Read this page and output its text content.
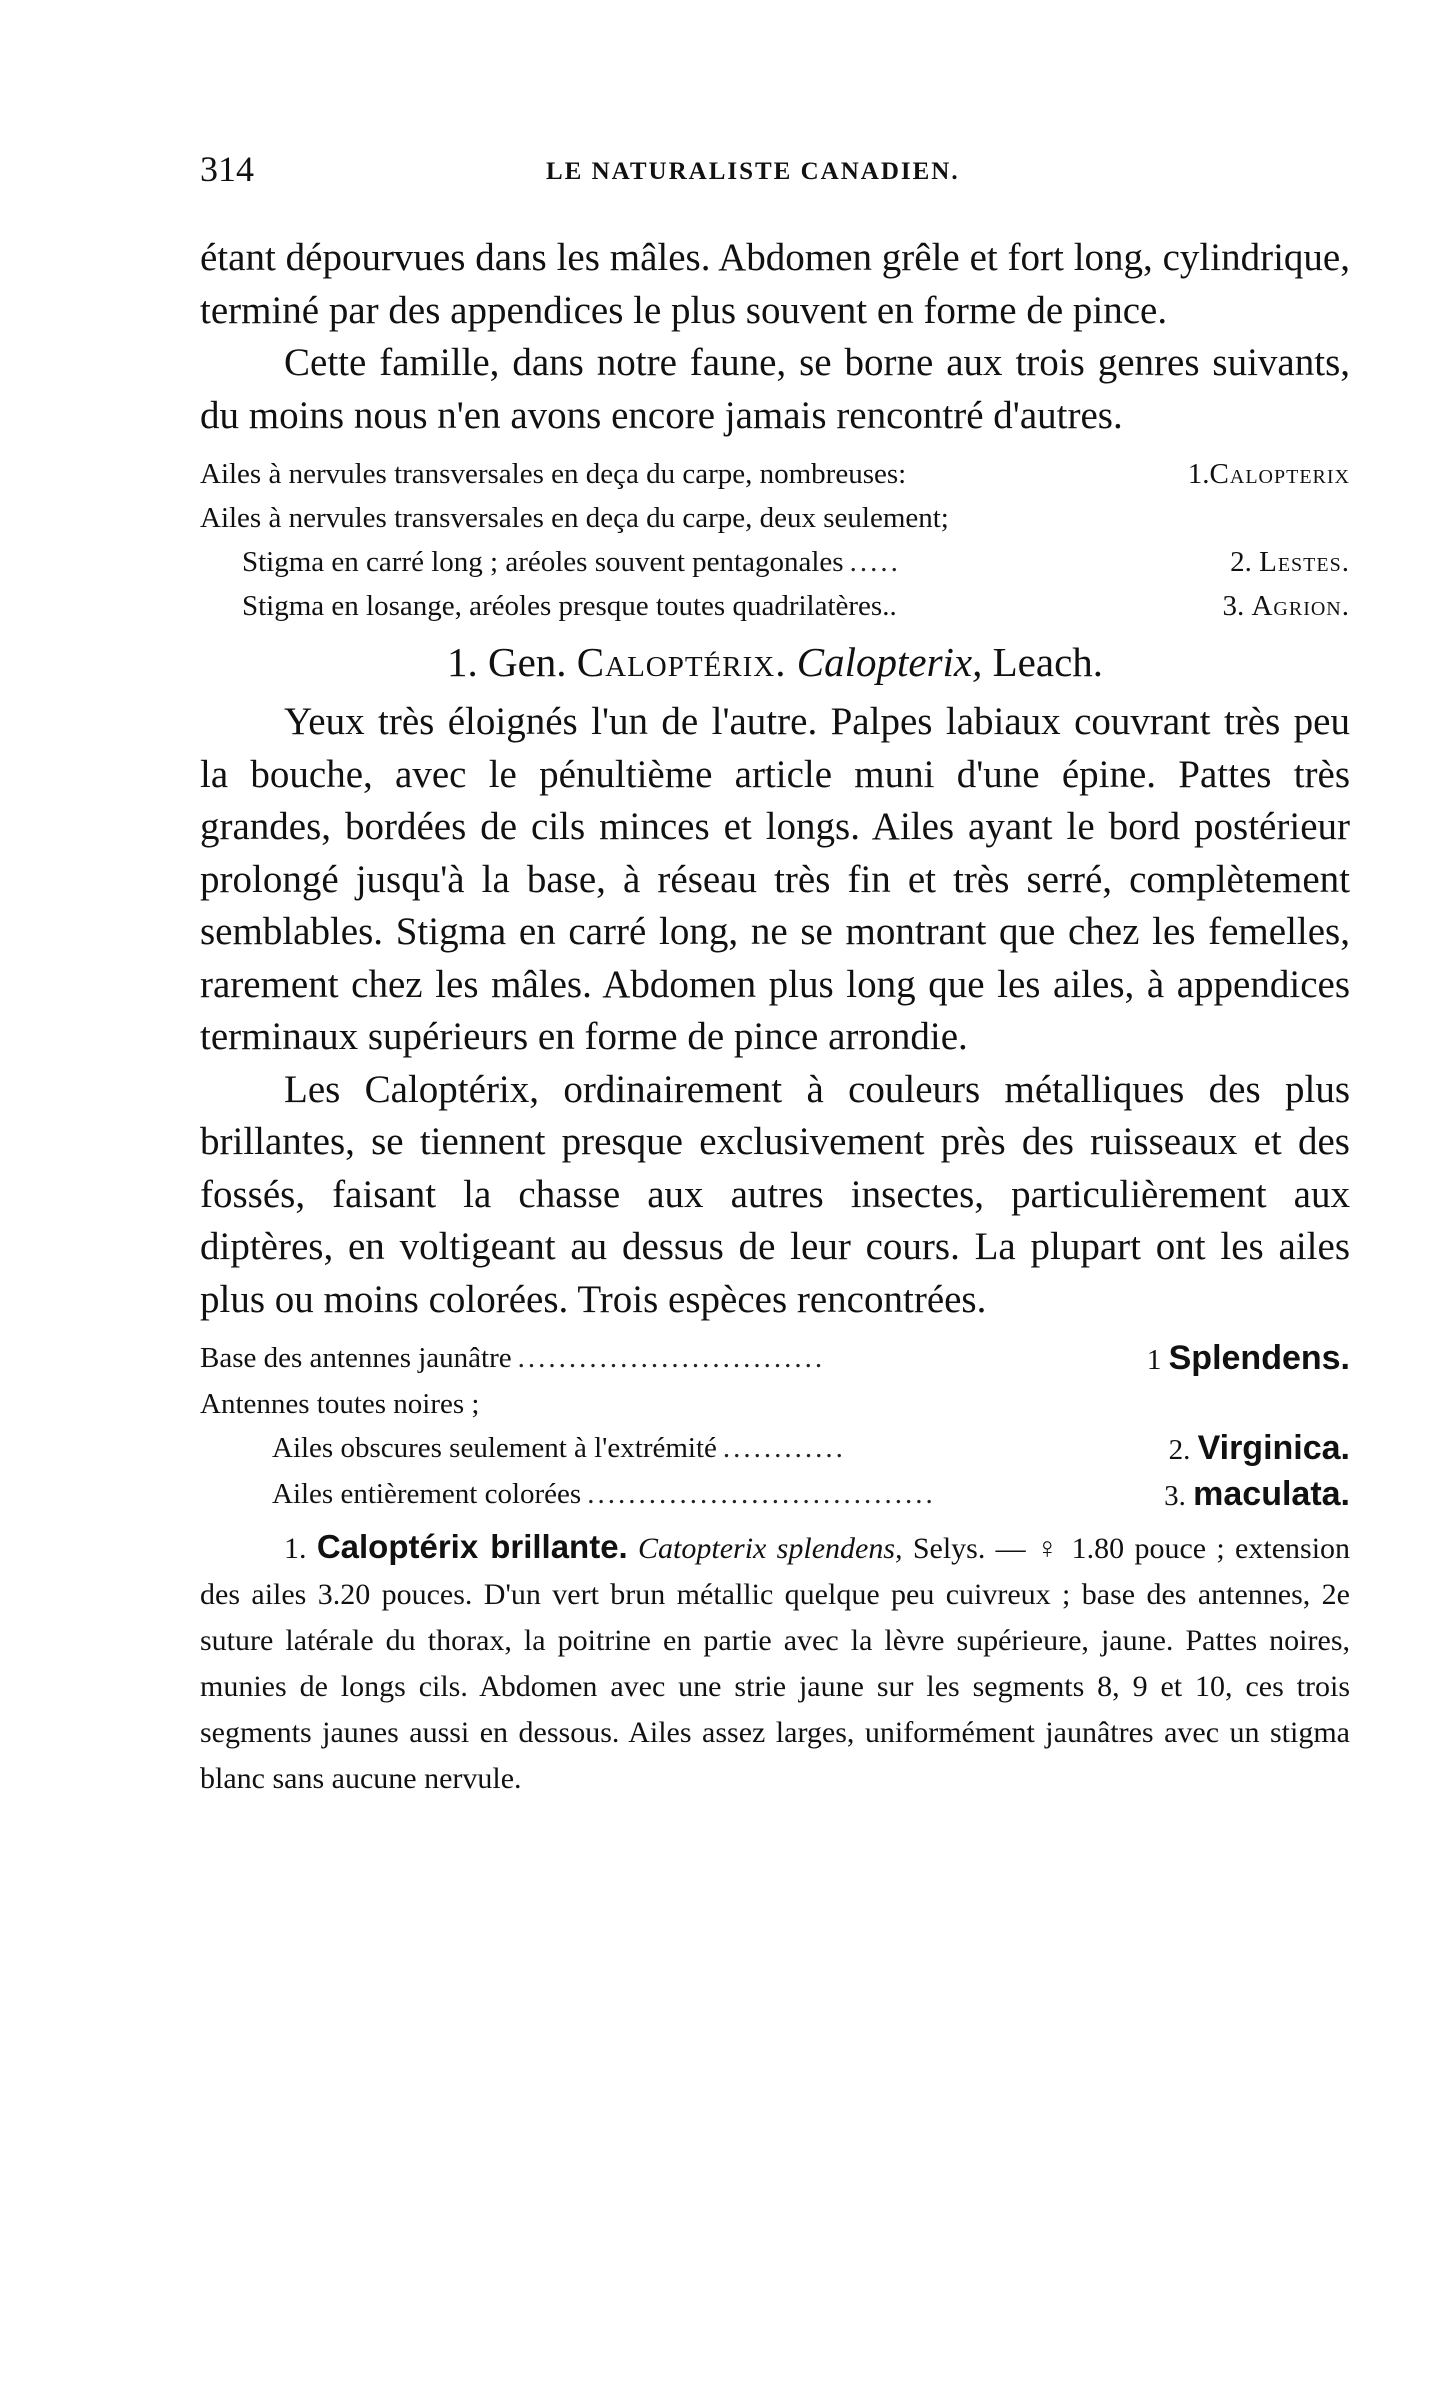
314	LE NATURALISTE CANADIEN.

étant dépourvues dans les mâles. Abdomen grêle et fort long, cylindrique, terminé par des appendices le plus souvent en forme de pince.

Cette famille, dans notre faune, se borne aux trois genres suivants, du moins nous n'en avons encore jamais rencontré d'autres.

Ailes à nervules transversales en deça du carpe, nombreuses:	1.Calopterix

Ailes à nervules transversales en deça du carpe, deux seulement;

Stigma en carré long ; aréoles souvent pentagonales .....	2. Lestes.

Stigma en losange, aréoles presque toutes quadrilatères..	3. Agrion.

1. Gen. Caloptérix. Calopterix, Leach.

Yeux très éloignés l'un de l'autre. Palpes labiaux couvrant très peu la bouche, avec le pénultième article muni d'une épine. Pattes très grandes, bordées de cils minces et longs. Ailes ayant le bord postérieur prolongé jusqu'à la base, à réseau très fin et très serré, complètement semblables. Stigma en carré long, ne se montrant que chez les femelles, rarement chez les mâles. Abdomen plus long que les ailes, à appendices terminaux supérieurs en forme de pince arrondie.

Les Caloptérix, ordinairement à couleurs métalliques des plus brillantes, se tiennent presque exclusivement près des ruisseaux et des fossés, faisant la chasse aux autres insectes, particulièrement aux diptères, en voltigeant au dessus de leur cours. La plupart ont les ailes plus ou moins colorées. Trois espèces rencontrées.

Base des antennes jaunâtre ..............................	1 Splendens.

Antennes toutes noires ;

Ailes obscures seulement à l'extrémité ............	2. Virginica.

Ailes entièrement colorées ..................................	3. maculata.

1. Caloptérix brillante. Catopterix splendens, Selys. — ♀ 1.80 pouce ; extension des ailes 3.20 pouces. D'un vert brun métallic quelque peu cuivreux ; base des antennes, 2e suture latérale du thorax, la poitrine en partie avec la lèvre supérieure, jaune. Pattes noires, munies de longs cils. Abdomen avec une strie jaune sur les segments 8, 9 et 10, ces trois segments jaunes aussi en dessous. Ailes assez larges, uniformément jaunâtres avec un stigma blanc sans aucune nervule.
